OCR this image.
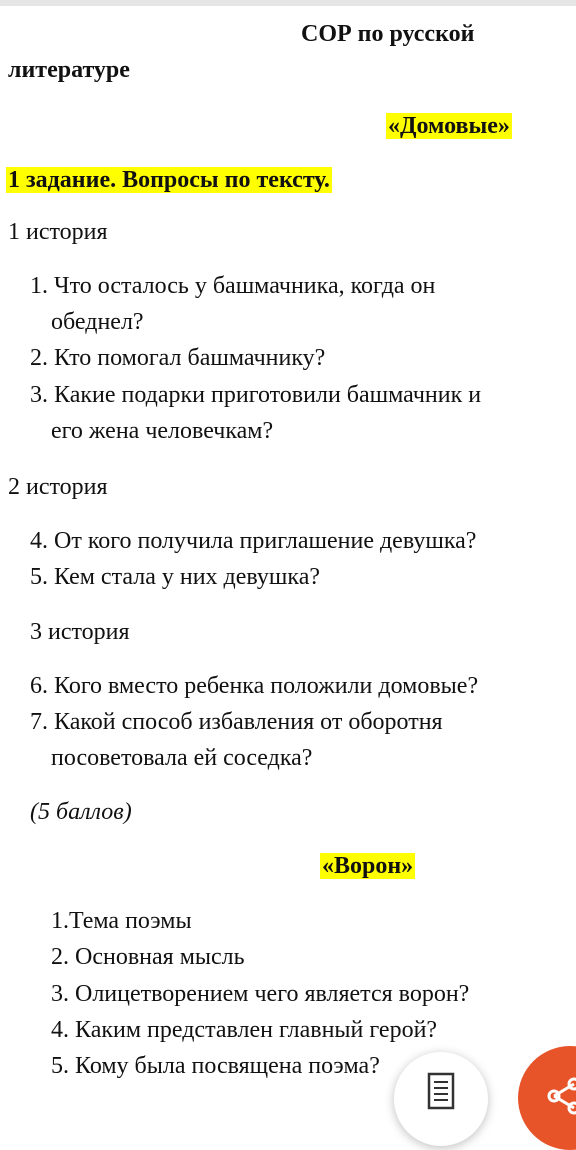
СОР по русской
литературе
«Домовые»
1 задание. Вопросы по тексту.
1 история
1. Что осталось у башмачника, когда он
обеднел?
2. Кто помогал башмачнику?
3. Какие подарки приготовили башмачник и
его жена человечкам?
2 история
4. От кого получила приглашение девушка?
5. Кем стала у них девушка?
3 история
6. Кого вместо ребенка положили домовые?
7. Какой способ избавления от оборотня
посоветовала ей соседка?
(5 баллов)
«Ворон»
1.Тема поэмы
2. Основная мысль
3. Олицетворением чего является ворон?
4. Каким представлен главный герой?
5. Кому была посвящена поэма?
